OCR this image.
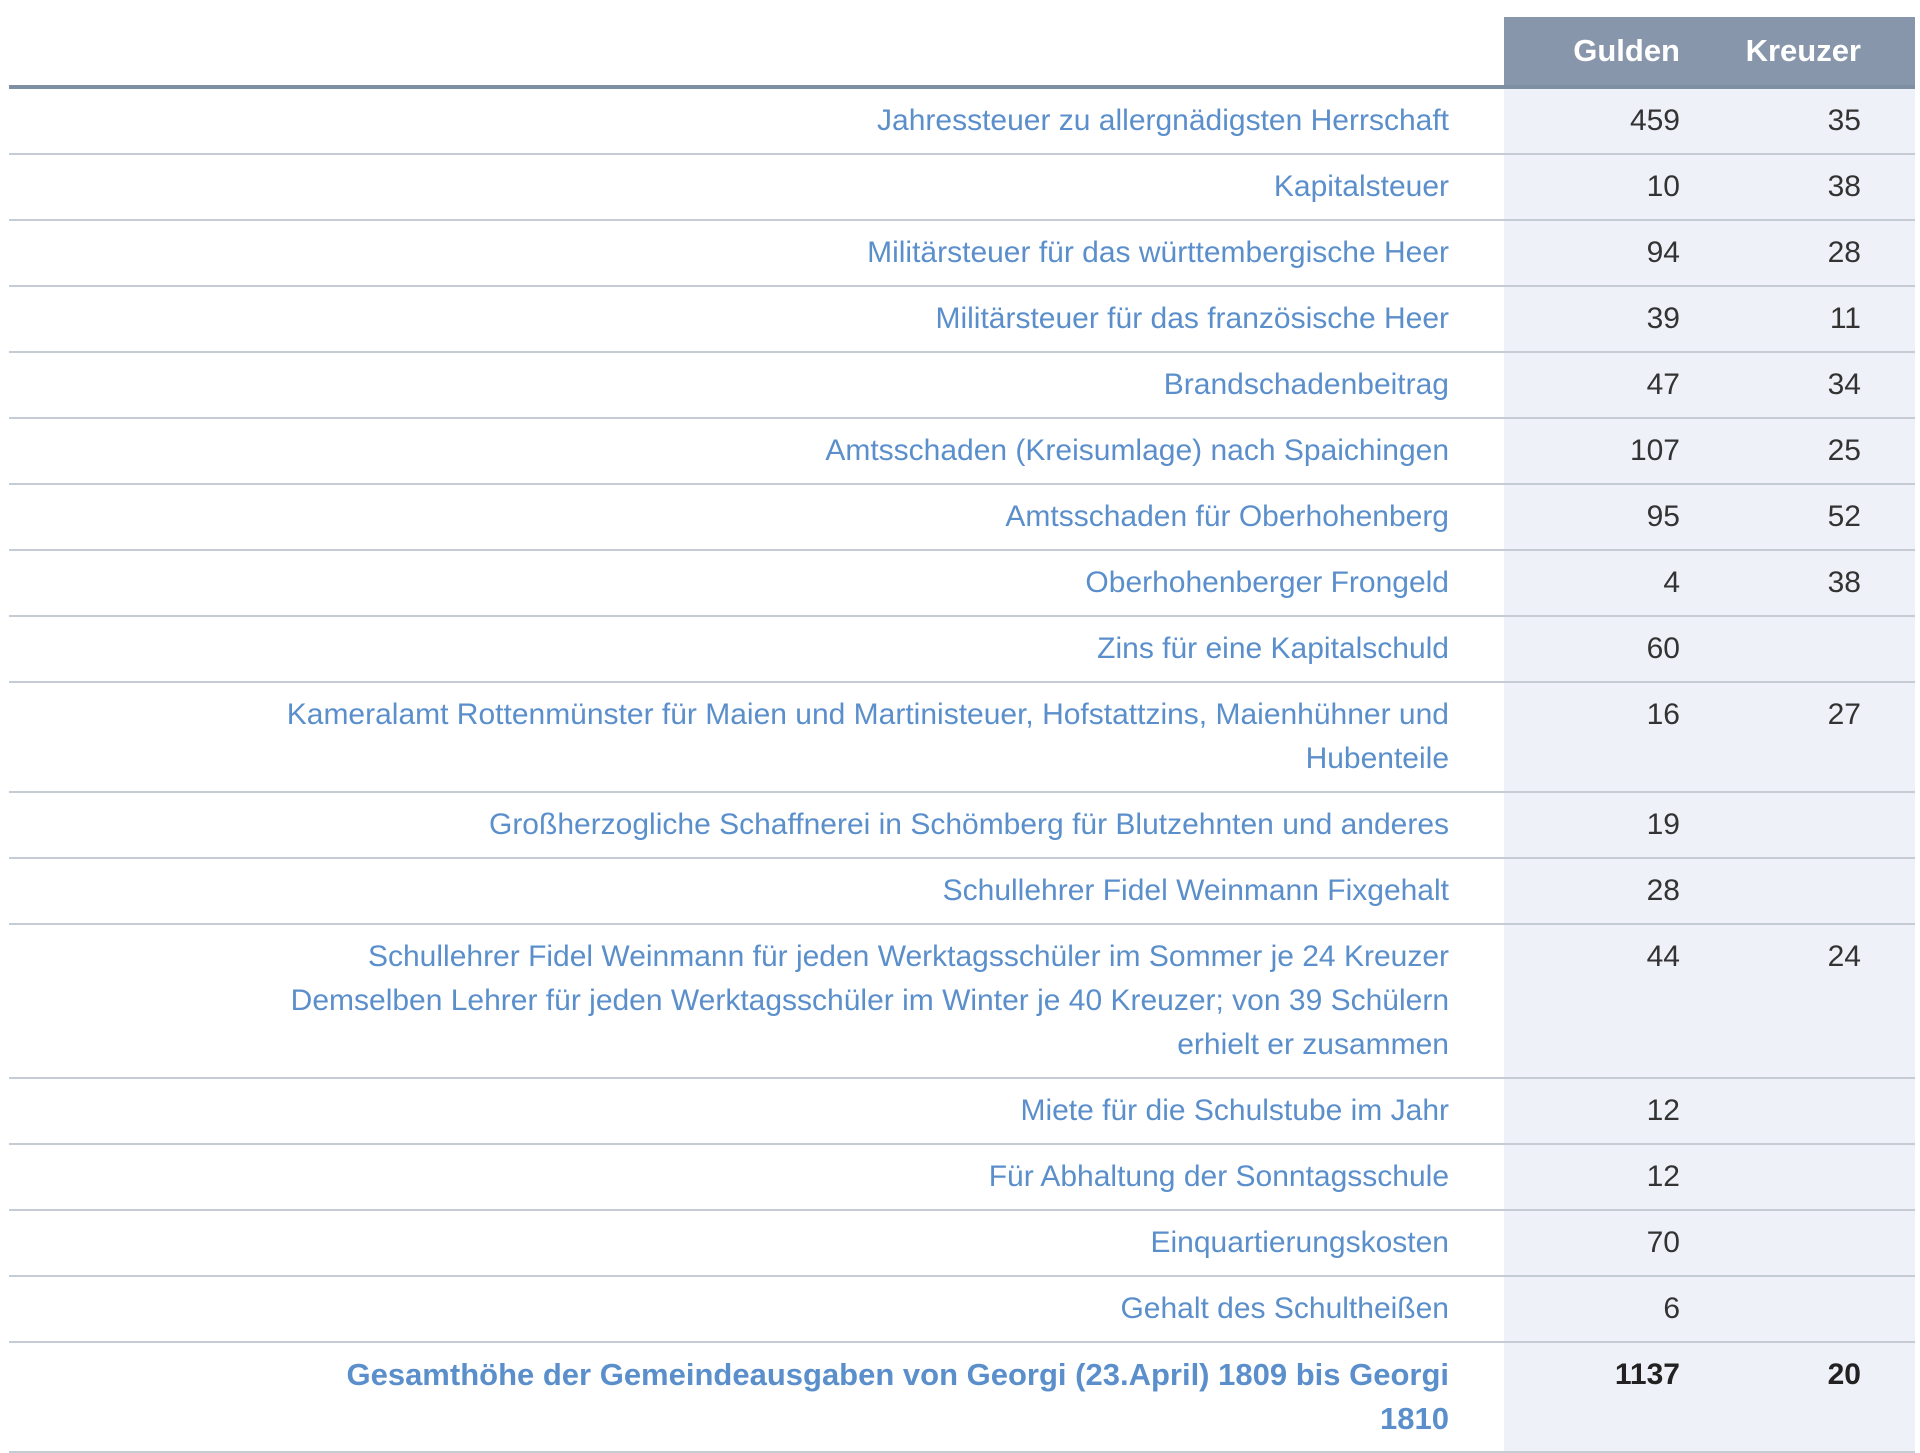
	Gulden	Kreuzer

Jahressteuer zu allergnädigsten Herrschaft	459	35

Kapitalsteuer	10	38

Militärsteuer für das württembergische Heer	94	28

Militärsteuer für das französische Heer	39	11

Brandschadenbeitrag	47	34

Amtsschaden (Kreisumlage) nach Spaichingen	107	25

Amtsschaden für Oberhohenberg	95	52

Oberhohenberger Frongeld	4	38

Zins für eine Kapitalschuld	60	

Kameralamt Rottenmünster für Maien und Martinisteuer, Hofstattzins, Maienhühner und
Hubenteile	16	27

Großherzogliche Schaffnerei in Schömberg für Blutzehnten und anderes	19	

Schullehrer Fidel Weinmann Fixgehalt	28	

Schullehrer Fidel Weinmann für jeden Werktagsschüler im Sommer je 24 Kreuzer
Demselben Lehrer für jeden Werktagsschüler im Winter je 40 Kreuzer; von 39 Schülern
erhielt er zusammen	44	24

Miete für die Schulstube im Jahr	12	

Für Abhaltung der Sonntagsschule	12	

Einquartierungskosten	70	

Gehalt des Schultheißen	6	

Gesamthöhe der Gemeindeausgaben von Georgi (23.April) 1809 bis Georgi
1810	1137	20
